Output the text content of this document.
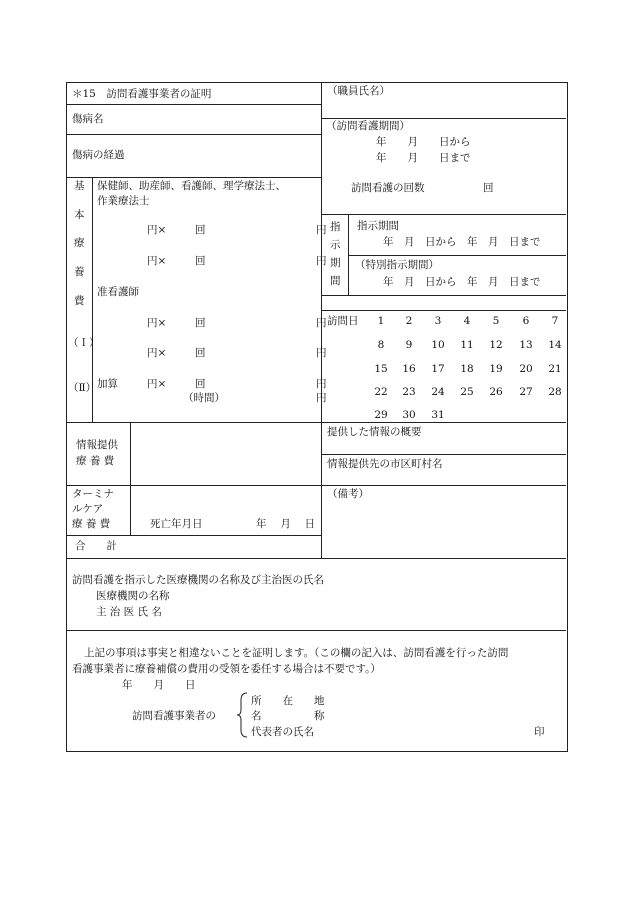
＊15　訪問看護事業者の証明
傷病名
傷病の経過
（職員氏名）
（訪問看護期間）
年　　月　　日から
年　　月　　日まで
訪問看護の回数	回
基
本
療
養
費
（Ｉ）
（Ⅱ）
保健師、助産師、看護師、理学療法士、
作業療法士
円×	回	円
円×	回	円
准看護師
円×	回	円
円×	回	円
加算	円×	回	円
（時間）	円
指
示
期
間
指示期間
年　月　日から　年　月　日まで
（特別指示期間）
年　月　日から　年　月　日まで
訪問日	1	2	3	4	5	6	7
8	9	10 11 12 13 14
15 16 17 18 19 20 21
22 23 24 25 26 27 28
29 30 31
情報提供
療 養 費
提供した情報の概要
情報提供先の市区町村名
ターミナ
ルケア
療 養 費	死亡年月日	年　 月　 日
（備考）
合　　計
訪問看護を指示した医療機関の名称及び主治医の氏名
医療機関の名称
主 治 医 氏 名
上記の事項は事実と相違ないことを証明します。（この欄の記入は、訪問看護を行った訪問
看護事業者に療養補償の費用の受領を委任する場合は不要です。）
年　　月　　日
訪問看護事業者の
所　　在　　地
名　　　　　称
代表者の氏名	印
